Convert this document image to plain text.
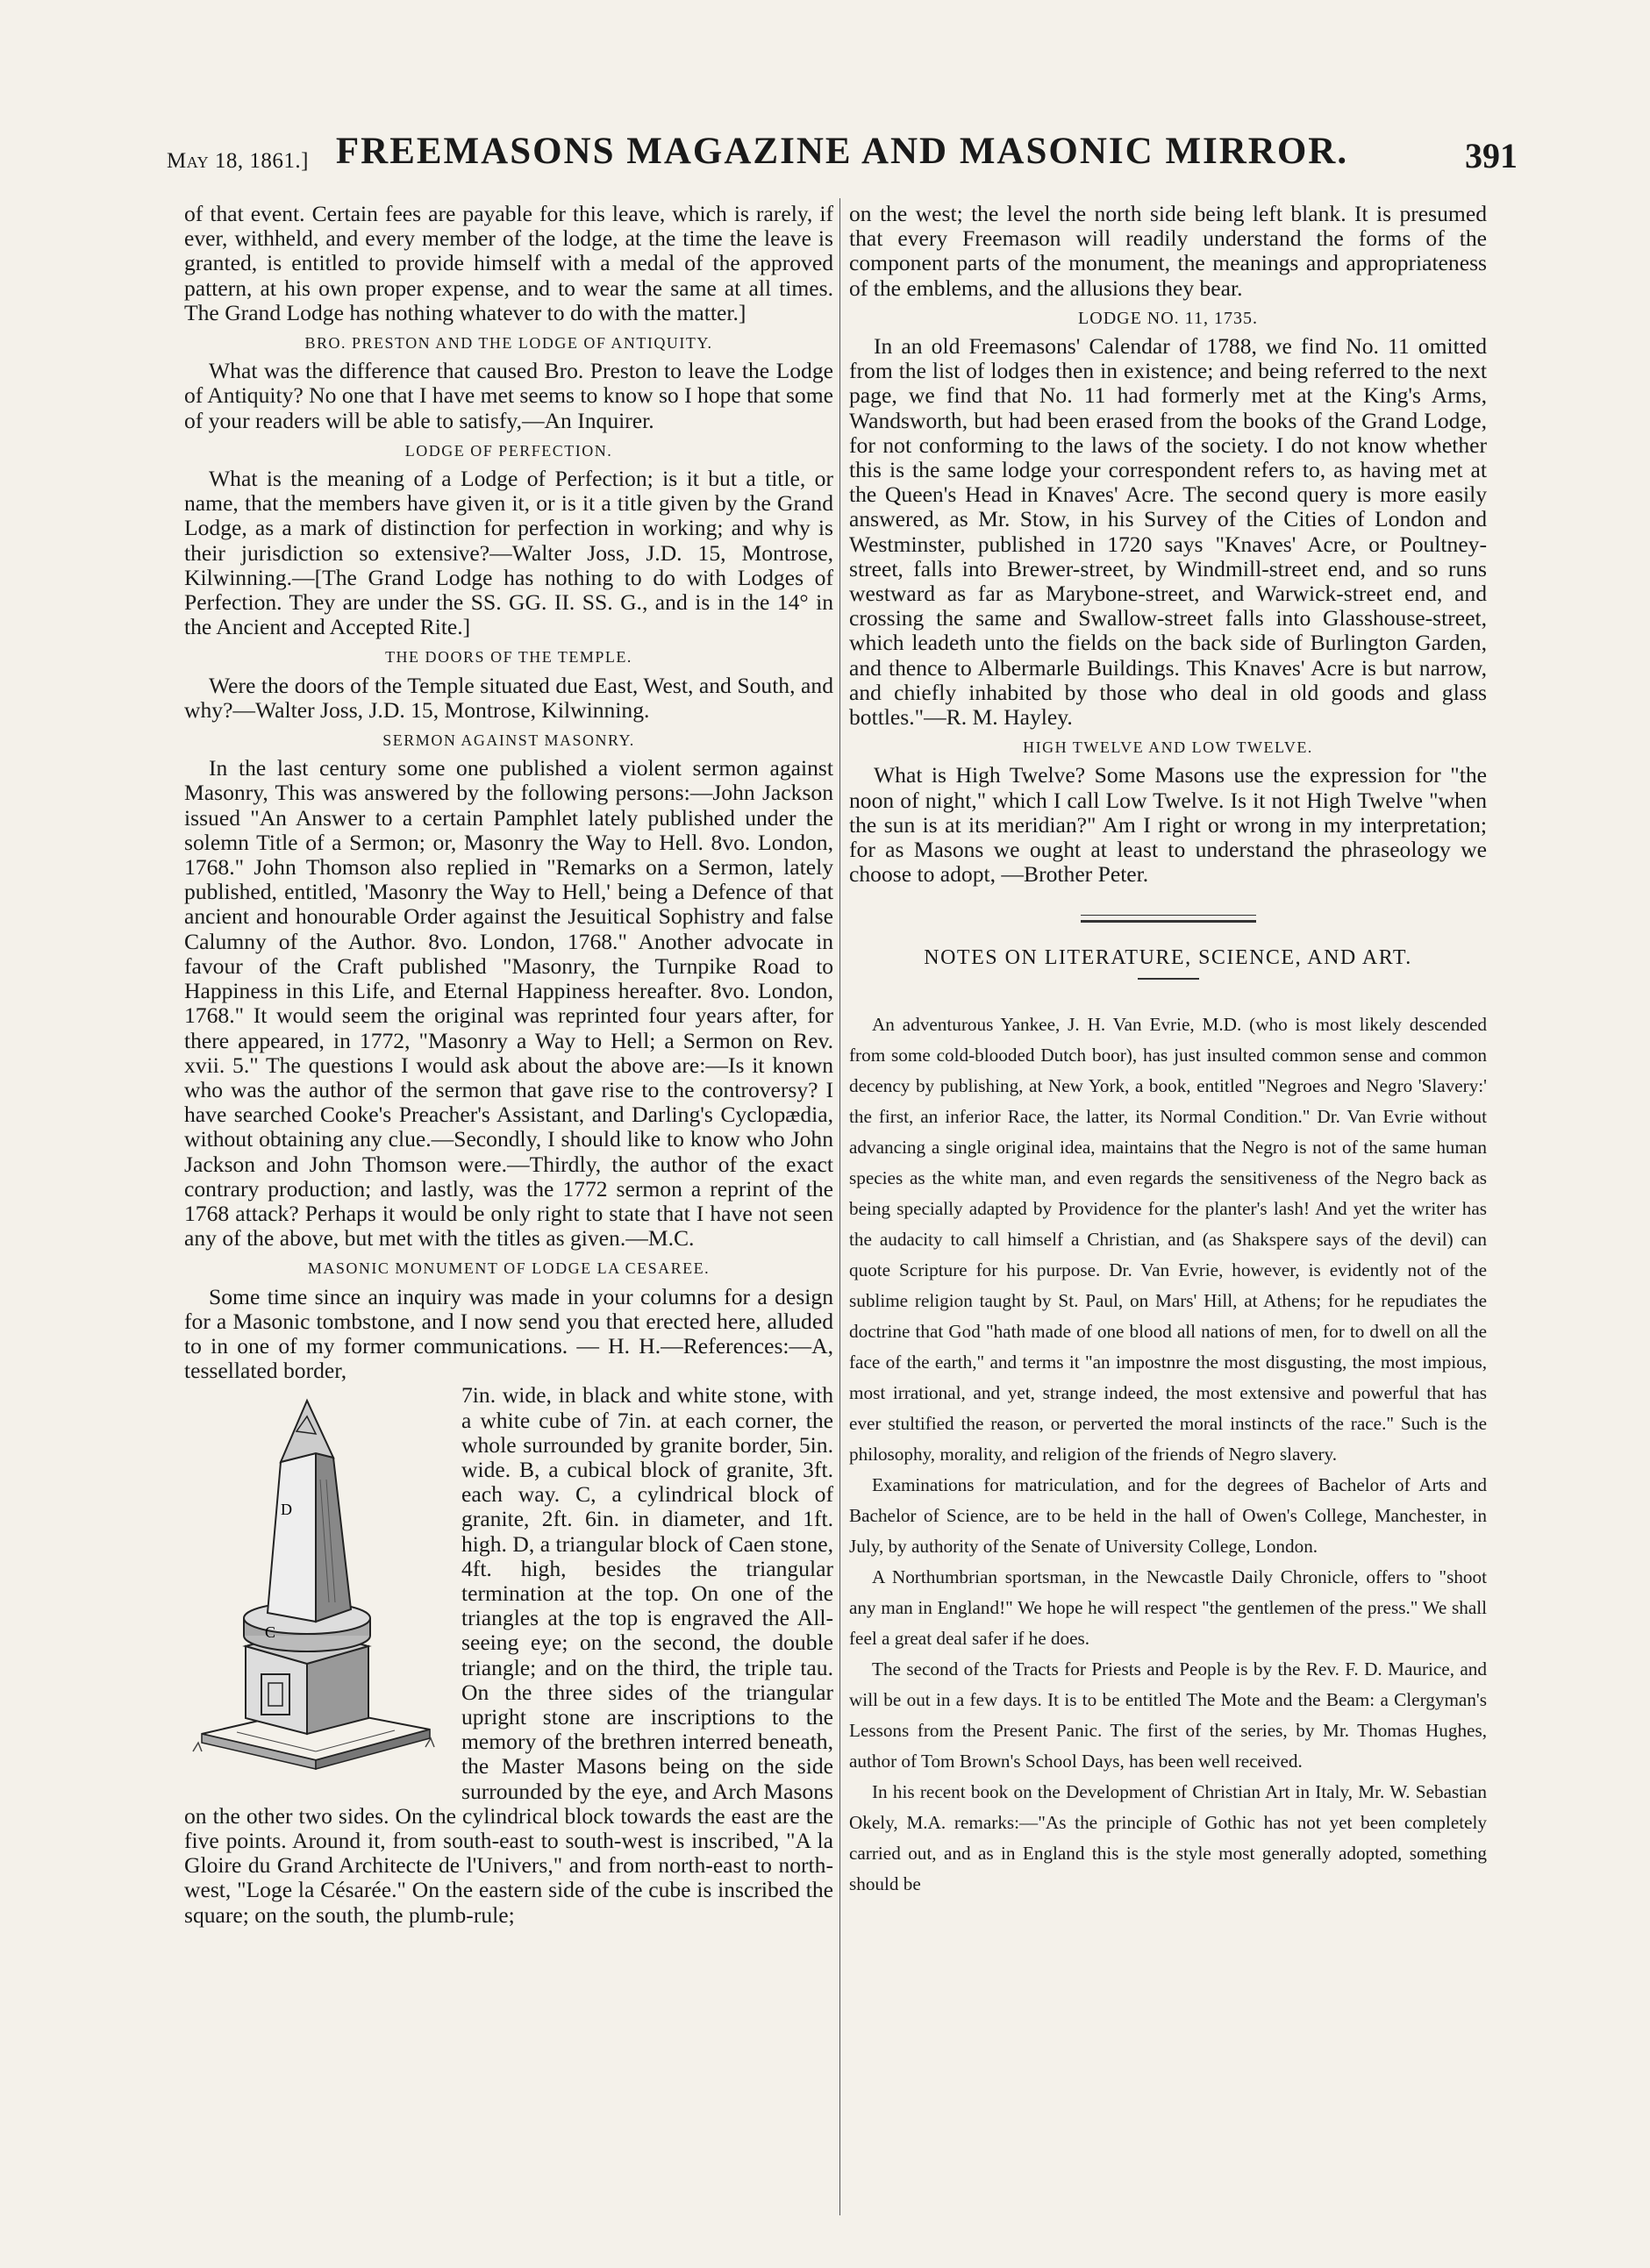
May 18, 1861.] FREEMASONS MAGAZINE AND MASONIC MIRROR.	391

of that event. Certain fees are payable for this leave, which is rarely, if ever, withheld, and every member of the lodge, at the time the leave is granted, is entitled to provide himself with a medal of the approved pattern, at his own proper expense, and to wear the same at all times. The Grand Lodge has nothing whatever to do with the matter.]

BRO. PRESTON AND THE LODGE OF ANTIQUITY.

What was the difference that caused Bro. Preston to leave the Lodge of Antiquity? No one that I have met seems to know so I hope that some of your readers will be able to satisfy,—An Inquirer.

LODGE OF PERFECTION.

What is the meaning of a Lodge of Perfection; is it but a title, or name, that the members have given it, or is it a title given by the Grand Lodge, as a mark of distinction for perfection in working; and why is their jurisdiction so extensive?—Walter Joss, J.D. 15, Montrose, Kilwinning.—[The Grand Lodge has nothing to do with Lodges of Perfection. They are under the SS. GG. II. SS. G., and is in the 14° in the Ancient and Accepted Rite.]

THE DOORS OF THE TEMPLE.

Were the doors of the Temple situated due East, West, and South, and why?—Walter Joss, J.D. 15, Montrose, Kilwinning.

SERMON AGAINST MASONRY.

In the last century some one published a violent sermon against Masonry, This was answered by the following persons:—John Jackson issued "An Answer to a certain Pamphlet lately published under the solemn Title of a Sermon; or, Masonry the Way to Hell. 8vo. London, 1768." John Thomson also replied in "Remarks on a Sermon, lately published, entitled, 'Masonry the Way to Hell,' being a Defence of that ancient and honourable Order against the Jesuitical Sophistry and false Calumny of the Author. 8vo. London, 1768." Another advocate in favour of the Craft published "Masonry, the Turnpike Road to Happiness in this Life, and Eternal Happiness hereafter. 8vo. London, 1768." It would seem the original was reprinted four years after, for there appeared, in 1772, "Masonry a Way to Hell; a Sermon on Rev. xvii. 5." The questions I would ask about the above are:—Is it known who was the author of the sermon that gave rise to the controversy? I have searched Cooke's Preacher's Assistant, and Darling's Cyclopædia, without obtaining any clue.—Secondly, I should like to know who John Jackson and John Thomson were.—Thirdly, the author of the exact contrary production; and lastly, was the 1772 sermon a reprint of the 1768 attack? Perhaps it would be only right to state that I have not seen any of the above, but met with the titles as given.—M.C.

MASONIC MONUMENT OF LODGE LA CESAREE.

Some time since an inquiry was made in your columns for a design for a Masonic tombstone, and I now send you that erected here, alluded to in one of my former communications. — H. H.—References:—A, tessellated border,

C
D

7in. wide, in black and white stone, with a white cube of 7in. at each corner, the whole surrounded by granite border, 5in. wide. B, a cubical block of granite, 3ft. each way. C, a cylindrical block of granite, 2ft. 6in. in diameter, and 1ft. high. D, a triangular block of Caen stone, 4ft. high, besides the triangular termination at the top. On one of the triangles at the top is engraved the All-seeing eye; on the second, the double triangle; and on the third, the triple tau. On the three sides of the triangular upright stone are inscriptions to the memory of the brethren interred beneath, the Master Masons being on the side surrounded by the eye, and Arch Masons on the other two sides. On the cylindrical block towards the east are the five points. Around it, from south-east to south-west is inscribed, "A la Gloire du Grand Architecte de l'Univers," and from north-east to north-west, "Loge la Césarée." On the eastern side of the cube is inscribed the square; on the south, the plumb-rule;

on the west; the level the north side being left blank. It is presumed that every Freemason will readily understand the forms of the component parts of the monument, the meanings and appropriateness of the emblems, and the allusions they bear.

LODGE NO. 11, 1735.

In an old Freemasons' Calendar of 1788, we find No. 11 omitted from the list of lodges then in existence; and being referred to the next page, we find that No. 11 had formerly met at the King's Arms, Wandsworth, but had been erased from the books of the Grand Lodge, for not conforming to the laws of the society. I do not know whether this is the same lodge your correspondent refers to, as having met at the Queen's Head in Knaves' Acre. The second query is more easily answered, as Mr. Stow, in his Survey of the Cities of London and Westminster, published in 1720 says "Knaves' Acre, or Poultney-street, falls into Brewer-street, by Windmill-street end, and so runs westward as far as Marybone-street, and Warwick-street end, and crossing the same and Swallow-street falls into Glasshouse-street, which leadeth unto the fields on the back side of Burlington Garden, and thence to Albermarle Buildings. This Knaves' Acre is but narrow, and chiefly inhabited by those who deal in old goods and glass bottles."—R. M. Hayley.

HIGH TWELVE AND LOW TWELVE.

What is High Twelve? Some Masons use the expression for "the noon of night," which I call Low Twelve. Is it not High Twelve "when the sun is at its meridian?" Am I right or wrong in my interpretation; for as Masons we ought at least to understand the phraseology we choose to adopt, —Brother Peter.

NOTES ON LITERATURE, SCIENCE, AND ART.

An adventurous Yankee, J. H. Van Evrie, M.D. (who is most likely descended from some cold-blooded Dutch boor), has just insulted common sense and common decency by publishing, at New York, a book, entitled "Negroes and Negro 'Slavery:' the first, an inferior Race, the latter, its Normal Condition." Dr. Van Evrie without advancing a single original idea, maintains that the Negro is not of the same human species as the white man, and even regards the sensitiveness of the Negro back as being specially adapted by Providence for the planter's lash! And yet the writer has the audacity to call himself a Christian, and (as Shakspere says of the devil) can quote Scripture for his purpose. Dr. Van Evrie, however, is evidently not of the sublime religion taught by St. Paul, on Mars' Hill, at Athens; for he repudiates the doctrine that God "hath made of one blood all nations of men, for to dwell on all the face of the earth," and terms it "an impostnre the most disgusting, the most impious, most irrational, and yet, strange indeed, the most extensive and powerful that has ever stultified the reason, or perverted the moral instincts of the race." Such is the philosophy, morality, and religion of the friends of Negro slavery.

Examinations for matriculation, and for the degrees of Bachelor of Arts and Bachelor of Science, are to be held in the hall of Owen's College, Manchester, in July, by authority of the Senate of University College, London.

A Northumbrian sportsman, in the Newcastle Daily Chronicle, offers to "shoot any man in England!" We hope he will respect "the gentlemen of the press." We shall feel a great deal safer if he does.

The second of the Tracts for Priests and People is by the Rev. F. D. Maurice, and will be out in a few days. It is to be entitled The Mote and the Beam: a Clergyman's Lessons from the Present Panic. The first of the series, by Mr. Thomas Hughes, author of Tom Brown's School Days, has been well received.

In his recent book on the Development of Christian Art in Italy, Mr. W. Sebastian Okely, M.A. remarks:—"As the principle of Gothic has not yet been completely carried out, and as in England this is the style most generally adopted, something should be
